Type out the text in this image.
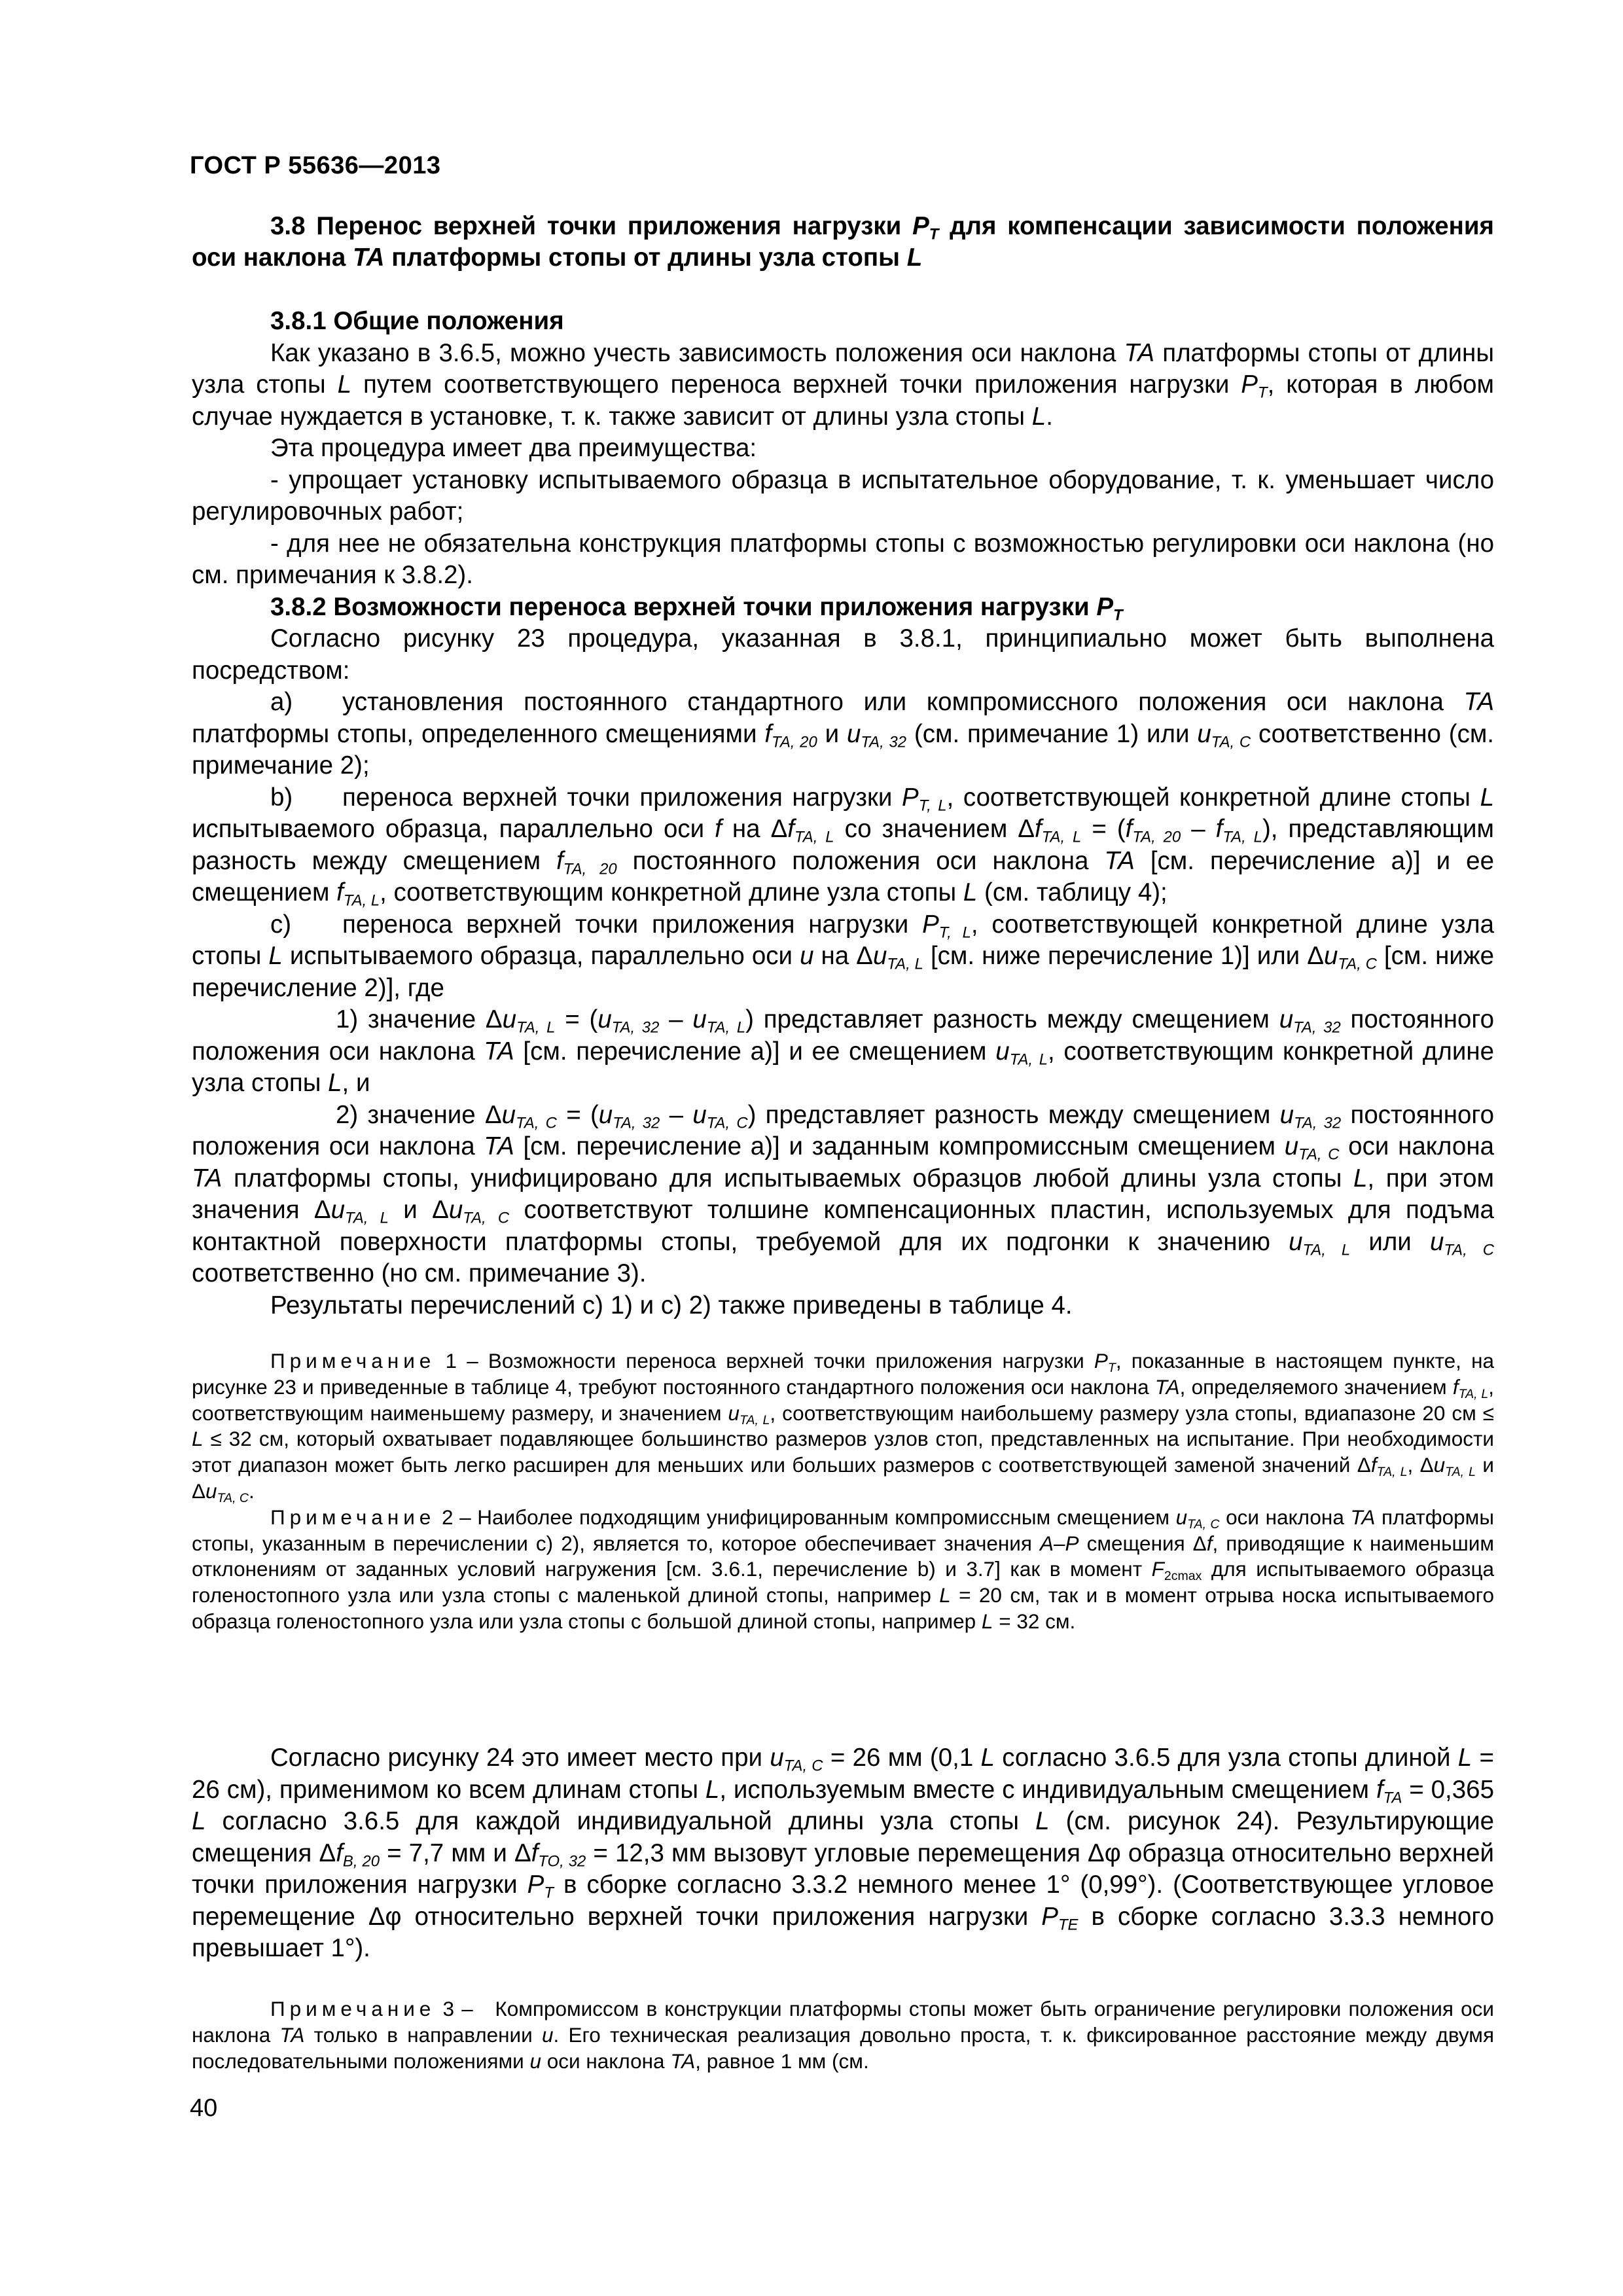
ГОСТ Р 55636—2013

3.8 Перенос верхней точки приложения нагрузки $P_T$ для компенсации зависимости положения оси наклона TA платформы стопы от длины узла стопы L

3.8.1 Общие положения

Как указано в 3.6.5, можно учесть зависимость положения оси наклона TA платформы стопы от длины узла стопы L путем соответствующего переноса верхней точки приложения нагрузки $P_T$, которая в любом случае нуждается в установке, т. к. также зависит от длины узла стопы L.

Эта процедура имеет два преимущества:

- упрощает установку испытываемого образца в испытательное оборудование, т. к. уменьшает число регулировочных работ;

- для нее не обязательна конструкция платформы стопы с возможностью регулировки оси наклона (но см. примечания к 3.8.2).

3.8.2 Возможности переноса верхней точки приложения нагрузки $P_T$

Согласно рисунку 23 процедура, указанная в 3.8.1, принципиально может быть выполнена посредством:

а) установления постоянного стандартного или компромиссного положения оси наклона TA платформы стопы, определенного смещениями $f_{TA, 20}$ и $u_{TA, 32}$ (см. примечание 1) или $u_{TA, C}$ соответственно (см. примечание 2);

b) переноса верхней точки приложения нагрузки $P_{T, L}$, соответствующей конкретной длине стопы L испытываемого образца, параллельно оси f на $\Delta f_{TA, L}$ со значением $\Delta f_{TA, L} = (f_{TA, 20} - f_{TA, L})$, представляющим разность между смещением $f_{TA, 20}$ постоянного положения оси наклона TA [см. перечисление а)] и ее смещением $f_{TA, L}$, соответствующим конкретной длине узла стопы L (см. таблицу 4);

с) переноса верхней точки приложения нагрузки $P_{T, L}$, соответствующей конкретной длине узла стопы L испытываемого образца, параллельно оси u на $\Delta u_{TA, L}$ [см. ниже перечисление 1)] или $\Delta u_{TA, C}$ [см. ниже перечисление 2)], где

1) значение $\Delta u_{TA, L} = (u_{TA, 32} - u_{TA, L})$ представляет разность между смещением $u_{TA, 32}$ постоянного положения оси наклона TA [см. перечисление а)] и ее смещением $u_{TA, L}$, соответствующим конкретной длине узла стопы L, и

2) значение $\Delta u_{TA, C} = (u_{TA, 32} - u_{TA, C})$ представляет разность между смещением $u_{TA, 32}$ постоянного положения оси наклона TA [см. перечисление а)] и заданным компромиссным смещением $u_{TA, C}$ оси наклона TA платформы стопы, унифицировано для испытываемых образцов любой длины узла стопы L, при этом значения $\Delta u_{TA, L}$ и $\Delta u_{TA, C}$ соответствуют толшине компенсационных пластин, используемых для подъма контактной поверхности платформы стопы, требуемой для их подгонки к значению $u_{TA, L}$ или $u_{TA, C}$ соответственно (но см. примечание 3).

Результаты перечислений с) 1) и с) 2) также приведены в таблице 4.

Примечание 1 – Возможности переноса верхней точки приложения нагрузки $P_T$, показанные в настоящем пункте, на рисунке 23 и приведенные в таблице 4, требуют постоянного стандартного положения оси наклона TA, определяемого значением $f_{TA, L}$, соответствующим наименьшему размеру, и значением $u_{TA, L}$, соответствующим наибольшему размеру узла стопы, вдиапазоне 20 см ≤ L ≤ 32 см, который охватывает подавляющее большинство размеров узлов стоп, представленных на испытание. При необходимости этот диапазон может быть легко расширен для меньших или больших размеров с соответствующей заменой значений $\Delta f_{TA, L}$, $\Delta u_{TA, L}$ и $\Delta u_{TA, C}$.

Примечание 2 – Наиболее подходящим унифицированным компромиссным смещением $u_{TA, C}$ оси наклона TA платформы стопы, указанным в перечислении с) 2), является то, которое обеспечивает значения A–P смещения Δf, приводящие к наименьшим отклонениям от заданных условий нагружения [см. 3.6.1, перечисление b) и 3.7] как в момент $F_{2cmax}$ для испытываемого образца голеностопного узла или узла стопы с маленькой длиной стопы, например L = 20 см, так и в момент отрыва носка испытываемого образца голеностопного узла или узла стопы с большой длиной стопы, например L = 32 см.

Согласно рисунку 24 это имеет место при $u_{TA, C} = 26$ мм (0,1 L согласно 3.6.5 для узла стопы длиной L = 26 см), применимом ко всем длинам стопы L, используемым вместе с индивидуальным смещением $f_{TA} = 0,365$ L согласно 3.6.5 для каждой индивидуальной длины узла стопы L (см. рисунок 24). Результирующие смещения $\Delta f_{B, 20} = 7,7$ мм и $\Delta f_{TO, 32} = 12,3$ мм вызовут угловые перемещения Δφ образца относительно верхней точки приложения нагрузки $P_T$ в сборке согласно 3.3.2 немного менее 1° (0,99°). (Соответствующее угловое перемещение Δφ относительно верхней точки приложения нагрузки $P_{TE}$ в сборке согласно 3.3.3 немного превышает 1°).

Примечание 3 –   Компромиссом в конструкции платформы стопы может быть ограничение регулировки положения оси наклона TA только в направлении u. Его техническая реализация довольно проста, т. к. фиксированное расстояние между двумя последовательными положениями u оси наклона TA, равное 1 мм (см.

40
